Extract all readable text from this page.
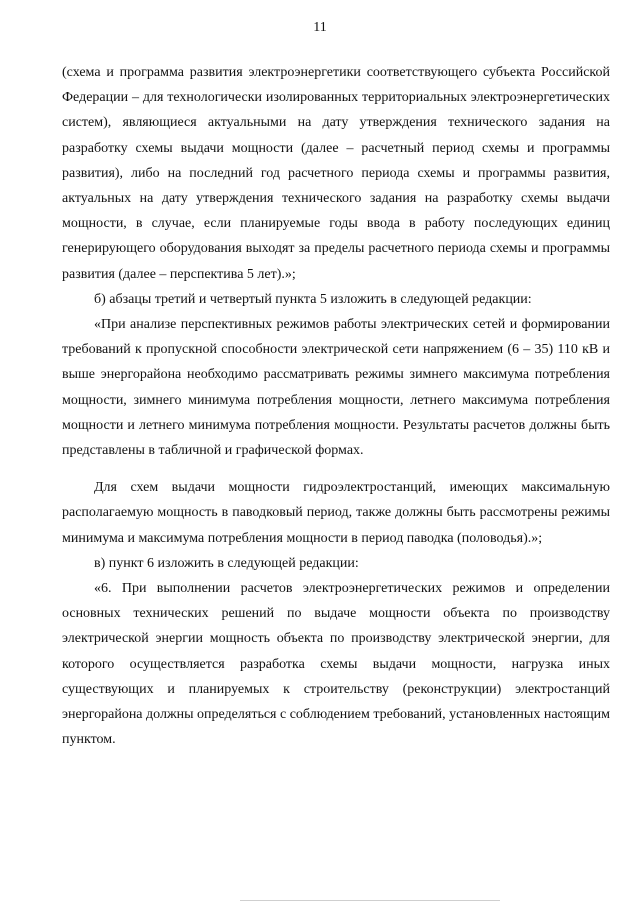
11

(схема и программа развития электроэнергетики соответствующего субъекта Российской Федерации – для технологически изолированных территориальных электроэнергетических систем), являющиеся актуальными на дату утверждения технического задания на разработку схемы выдачи мощности (далее – расчетный период схемы и программы развития), либо на последний год расчетного периода схемы и программы развития, актуальных на дату утверждения технического задания на разработку схемы выдачи мощности, в случае, если планируемые годы ввода в работу последующих единиц генерирующего оборудования выходят за пределы расчетного периода схемы и программы развития (далее – перспектива 5 лет).»;

б) абзацы третий и четвертый пункта 5 изложить в следующей редакции:

«При анализе перспективных режимов работы электрических сетей и формировании требований к пропускной способности электрической сети напряжением (6 – 35) 110 кВ и выше энергорайона необходимо рассматривать режимы зимнего максимума потребления мощности, зимнего минимума потребления мощности, летнего максимума потребления мощности и летнего минимума потребления мощности. Результаты расчетов должны быть представлены в табличной и графической формах.

Для схем выдачи мощности гидроэлектростанций, имеющих максимальную располагаемую мощность в паводковый период, также должны быть рассмотрены режимы минимума и максимума потребления мощности в период паводка (половодья).»;

в) пункт 6 изложить в следующей редакции:

«6. При выполнении расчетов электроэнергетических режимов и определении основных технических решений по выдаче мощности объекта по производству электрической энергии мощность объекта по производству электрической энергии, для которого осуществляется разработка схемы выдачи мощности, нагрузка иных существующих и планируемых к строительству (реконструкции) электростанций энергорайона должны определяться с соблюдением требований, установленных настоящим пунктом.
